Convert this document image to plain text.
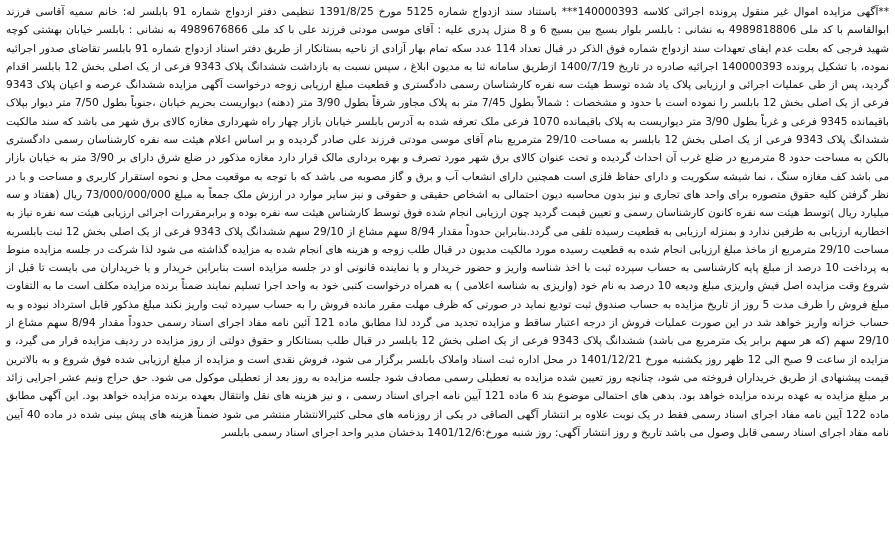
**آگهی مزایده اموال غیر منقول پرونده اجرائی کلاسه 140000393*** باستناد سند ازدواج شماره 5125 مورخ 1391/8/25 تنظیمی دفتر ازدواج شماره 91 بابلسر له: خانم سمیه آقاسی فرزند ابوالقاسم با کد ملی 4989818806 به نشانی : بابلسر بلوار بسیج بین بسیج 6 و 8 منزل پدری علیه : آقای موسی مودتی فرزند علی با کد ملی 4989676866 به نشانی : بابلسر خیابان بهشتی کوچه شهید فرجی که بعلت عدم ایفای تعهدات سند ازدواج شماره فوق الذکر در قبال تعداد 114 عدد سکه تمام بهار آزادی از ناحیه بستانکار از طریق دفتر اسناد ازدواج شماره 91 بابلسر تقاضای صدور اجرائیه نموده، با تشکیل پرونده 140000393 اجرائیه صادره در تاریخ 1400/7/19 ازطریق سامانه ثنا به مدیون ابلاغ ، سپس نسبت به بازداشت ششدانگ پلاک 9343 فرعی از یک اصلی بخش 12 بابلسر اقدام گردید، پس از طی عملیات اجرائی و ارزیابی پلاک یاد شده توسط هیئت سه نفره کارشناسان رسمی دادگستری و قطعیت مبلغ ارزیابی زوجه درخواست آگهی مزایده ششدانگ عرصه و اعیان پلاک 9343 فرعی از یک اصلی بخش 12 بابلسر را نموده است با حدود و مشخصات : شمالاً بطول 7/45 متر به پلاک مجاور شرقاً بطول 3/90 متر (دهنه) دیواریست بحریم خیابان ،جنوباً بطول 7/50 متر دیوار بپلاک باقیمانده 9345 فرعی و غرباً بطول 3/90 متر دیواریست به پلاک باقیمانده 1070 فرعی ملک تعرفه شده به آدرس بابلسر خیابان بازار چهار راه شهرداری مغازه کالای برق شهر می باشد که سند مالکیت ششدانگ پلاک 9343 فرعی از یک اصلی بخش 12 بابلسر به مساحت 29/10 مترمربع بنام آقای موسی مودتی فرزند علی صادر گردیده و بر اساس اعلام هیئت سه نفره کارشناسان رسمی دادگستری بالکن به مساحت حدود 8 مترمربع در ضلع غرب آن احداث گردیده و تحت عنوان کالای برق شهر مورد تصرف و بهره برداری مالک قرار دارد مغازه مذکور در ضلع شرق دارای بر 3/90 متر به خیابان بازار می باشد کف مغازه سنگ ، نما شیشه سکوریت و دارای حفاظ فلزی است همچنین دارای انشعاب آب و برق و گاز مصوبه می باشد که با توجه به موقعیت محل و نحوه استقرار کاربری و مساحت و با در نظر گرفتن کلیه حقوق متصوره برای واحد های تجاری و نیز بدون محاسبه دیون احتمالی به اشخاص حقیقی و حقوقی و نیز سایر موارد در ارزش ملک جمعاً به مبلغ 73/000/000/000 ریال (هفتاد و سه میلیارد ریال )توسط هیئت سه نفره کانون کارشناسان رسمی و تعیین قیمت گردید چون ارزیابی انجام شده فوق توسط کارشناس هیئت سه نفره بوده و برابرمقررات اجرائی ارزیابی هیئت سه نفره نیاز به اخطاریه ارزیابی به طرفین ندارد و بمنزله ارزیابی به قطعیت رسیده تلقی می گردد.بنابراین حدوداً مقدار 8/94 سهم مشاع از 29/10 سهم ششدانگ پلاک 9343 فرعی از یک اصلی بخش 12 ثبت بابلسربه مساحت 29/10 مترمربع از ماخذ مبلغ ارزیابی انجام شده به قطعیت رسیده مورد مالکیت مدیون در قبال طلب زوجه و هزینه های انجام شده به مزایده گذاشته می شود لذا شرکت در جلسه مزایده منوط به پرداخت 10 درصد از مبلغ پایه کارشناسی به حساب سپرده ثبت با اخذ شناسه واریز و حضور خریدار و یا نماینده قانونی او در جلسه مزایده است بنابراین خریدار و یا خریداران می بایست تا قبل از شروع وقت مزایده اصل فیش واریزی مبلغ ودیعه 10 درصد به نام خود (واریزی به شناسه اعلامی ) به همراه درخواست کتبی خود به واحد اجرا تسلیم نمایند ضمناً برنده مزایده مکلف است ما به التفاوت مبلغ فروش را ظرف مدت 5 روز از تاریخ مزایده به حساب صندوق ثبت تودیع نماید در صورتی که ظرف مهلت مقرر مانده فروش را به حساب سپرده ثبت واریز نکند مبلغ مذکور قابل استرداد نبوده و به حساب خزانه واریز خواهد شد در این صورت عملیات فروش از درجه اعتبار ساقط و مزایده تجدید می گردد لذا مطابق ماده 121 آئین نامه مفاد اجرای اسناد رسمی حدوداً مقدار 8/94 سهم مشاع از 29/10 سهم (که هر سهم برابر یک مترمربع می باشد) ششدانگ پلاک 9343 فرعی از یک اصلی بخش 12 بابلسر در قبال طلب بستانکار و حقوق دولتی از روز مزایده در ردیف مزایده قرار می گیرد، و مزایده از ساعت 9 صبح الی 12 ظهر روز یکشنبه مورخ 1401/12/21 در محل اداره ثبت اسناد واملاک بابلسر برگزار می شود، فروش نقدی است و مزایده از مبلغ ارزیابی شده فوق شروع و به بالاترین قیمت پیشنهادی از طریق خریداران فروخته می شود، چنانچه روز تعیین شده مزایده به تعطیلی رسمی مصادف شود جلسه مزایده به روز بعد از تعطیلی موکول می شود. حق حراج ونیم عشر اجرایی زائد بر مبلغ مزایده به عهده برنده مزایده خواهد بود. بدهی های احتمالی موضوع بند 6 ماده 121 آیین نامه اجرای اسناد رسمی ، و نیز هزینه های نقل وانتقال بعهده برنده مزایده خواهد بود. این آگهی مطابق ماده 122 آیین نامه مفاد اجرای اسناد رسمی فقط در یک نوبت علاوه بر انتشار آگهی الصاقی در یکی از روزنامه های محلی کثیرالانتشار منتشر می شود ضمناً هزینه های پیش بینی شده در ماده 40 آیین نامه مفاد اجرای اسناد رسمی قابل وصول می باشد تاریخ و روز انتشار آگهی: روز شنبه مورخ:1401/12/6 بدخشان مدیر واحد اجرای اسناد رسمی بابلسر
